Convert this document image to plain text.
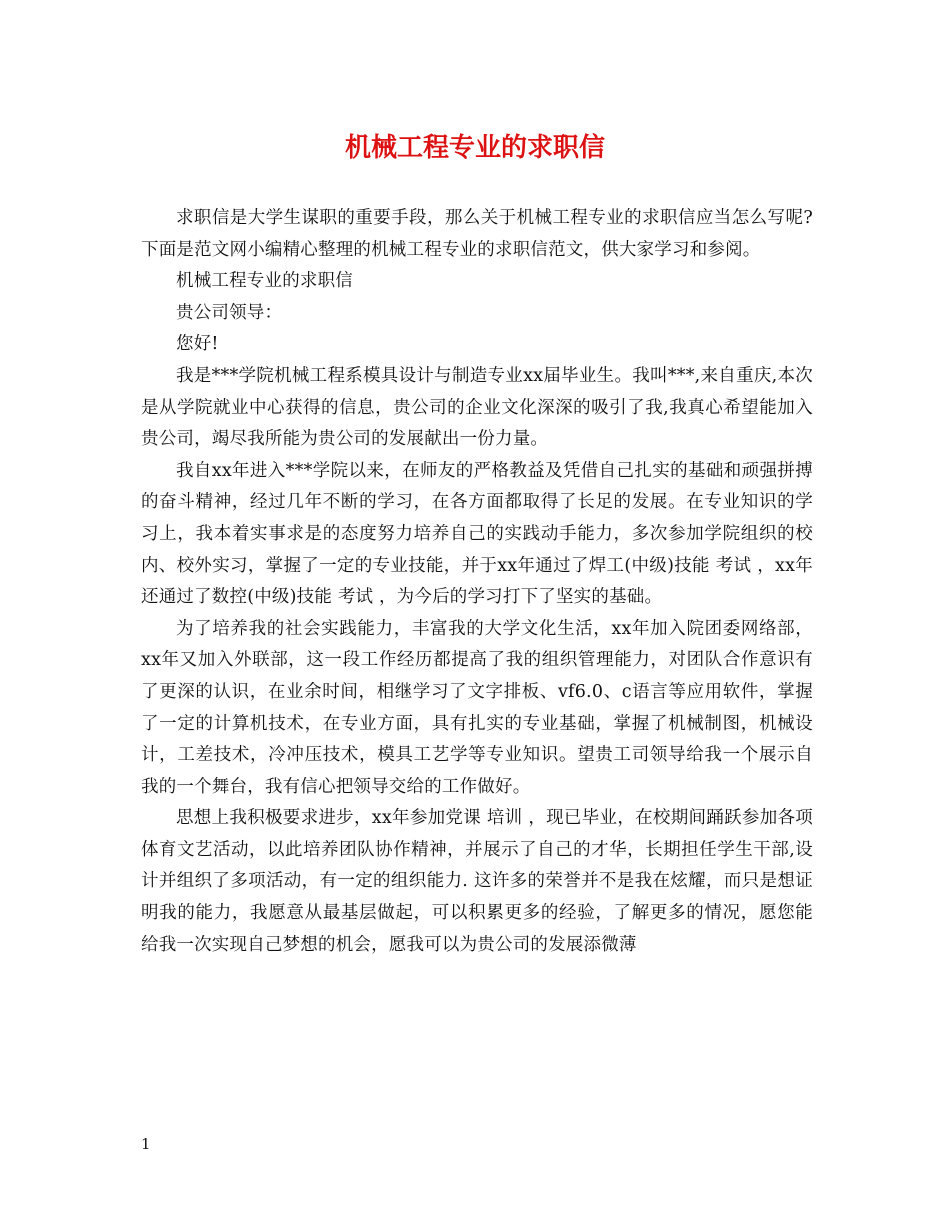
机械工程专业的求职信

求职信是大学生谋职的重要手段，那么关于机械工程专业的求职信应当怎么写呢?下面是范文网小编精心整理的机械工程专业的求职信范文，供大家学习和参阅。

机械工程专业的求职信

贵公司领导：

您好!

我是***学院机械工程系模具设计与制造专业xx届毕业生。我叫***,来自重庆,本次是从学院就业中心获得的信息，贵公司的企业文化深深的吸引了我,我真心希望能加入贵公司，竭尽我所能为贵公司的发展献出一份力量。

我自xx年进入***学院以来，在师友的严格教益及凭借自己扎实的基础和顽强拼搏的奋斗精神，经过几年不断的学习，在各方面都取得了长足的发展。在专业知识的学习上，我本着实事求是的态度努力培养自己的实践动手能力，多次参加学院组织的校内、校外实习，掌握了一定的专业技能，并于xx年通过了焊工(中级)技能 考试 ，xx年还通过了数控(中级)技能 考试 ，为今后的学习打下了坚实的基础。

为了培养我的社会实践能力，丰富我的大学文化生活，xx年加入院团委网络部， xx年又加入外联部，这一段工作经历都提高了我的组织管理能力，对团队合作意识有了更深的认识，在业余时间，相继学习了文字排板、vf6.0、c语言等应用软件，掌握了一定的计算机技术，在专业方面，具有扎实的专业基础，掌握了机械制图，机械设计，工差技术，冷冲压技术，模具工艺学等专业知识。望贵工司领导给我一个展示自我的一个舞台，我有信心把领导交给的工作做好。

思想上我积极要求进步，xx年参加党课 培训 ，现已毕业，在校期间踊跃参加各项体育文艺活动，以此培养团队协作精神，并展示了自己的才华，长期担任学生干部,设计并组织了多项活动，有一定的组织能力. 这许多的荣誉并不是我在炫耀，而只是想证明我的能力，我愿意从最基层做起，可以积累更多的经验，了解更多的情况，愿您能给我一次实现自己梦想的机会，愿我可以为贵公司的发展添微薄

1
